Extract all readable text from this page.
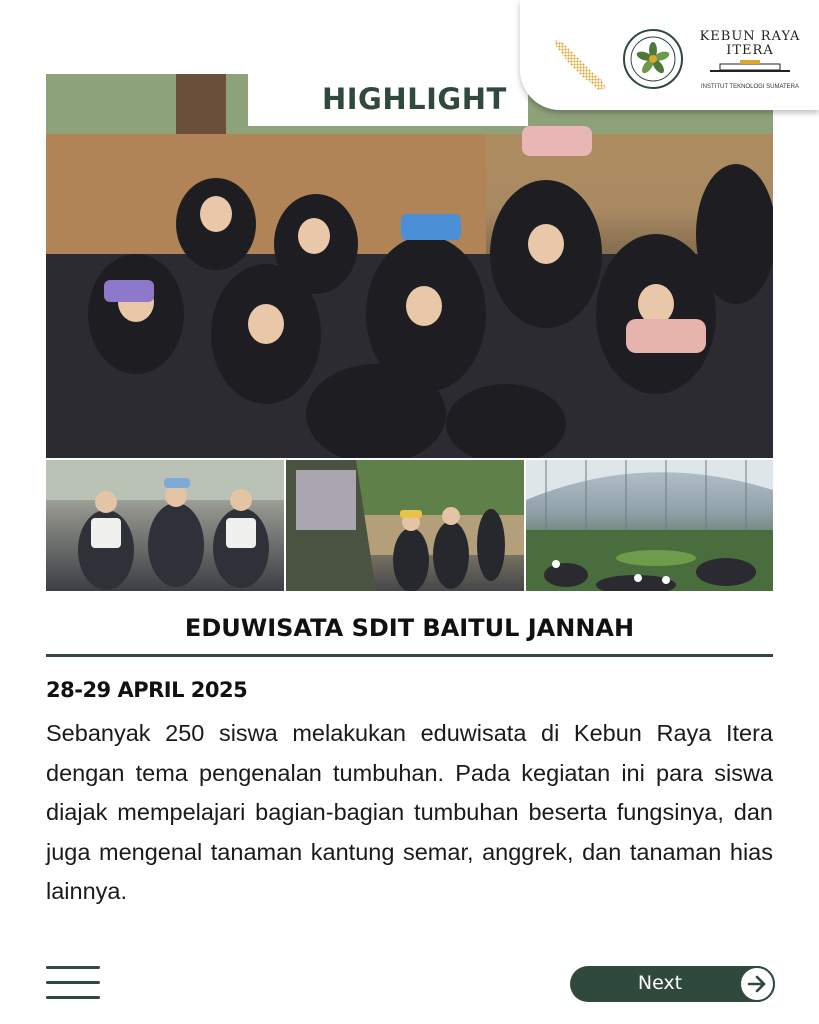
KEBUN RAYA ITERA
INSTITUT TEKNOLOGI SUMATERA
HIGHLIGHT
EDUWISATA SDIT BAITUL JANNAH
28-29 APRIL 2025
Sebanyak 250 siswa melakukan eduwisata di Kebun Raya Itera dengan tema pengenalan tumbuhan. Pada kegiatan ini para siswa diajak mempelajari bagian-bagian tumbuhan beserta fungsinya, dan juga mengenal tanaman kantung semar, anggrek, dan tanaman hias lainnya.
Next
